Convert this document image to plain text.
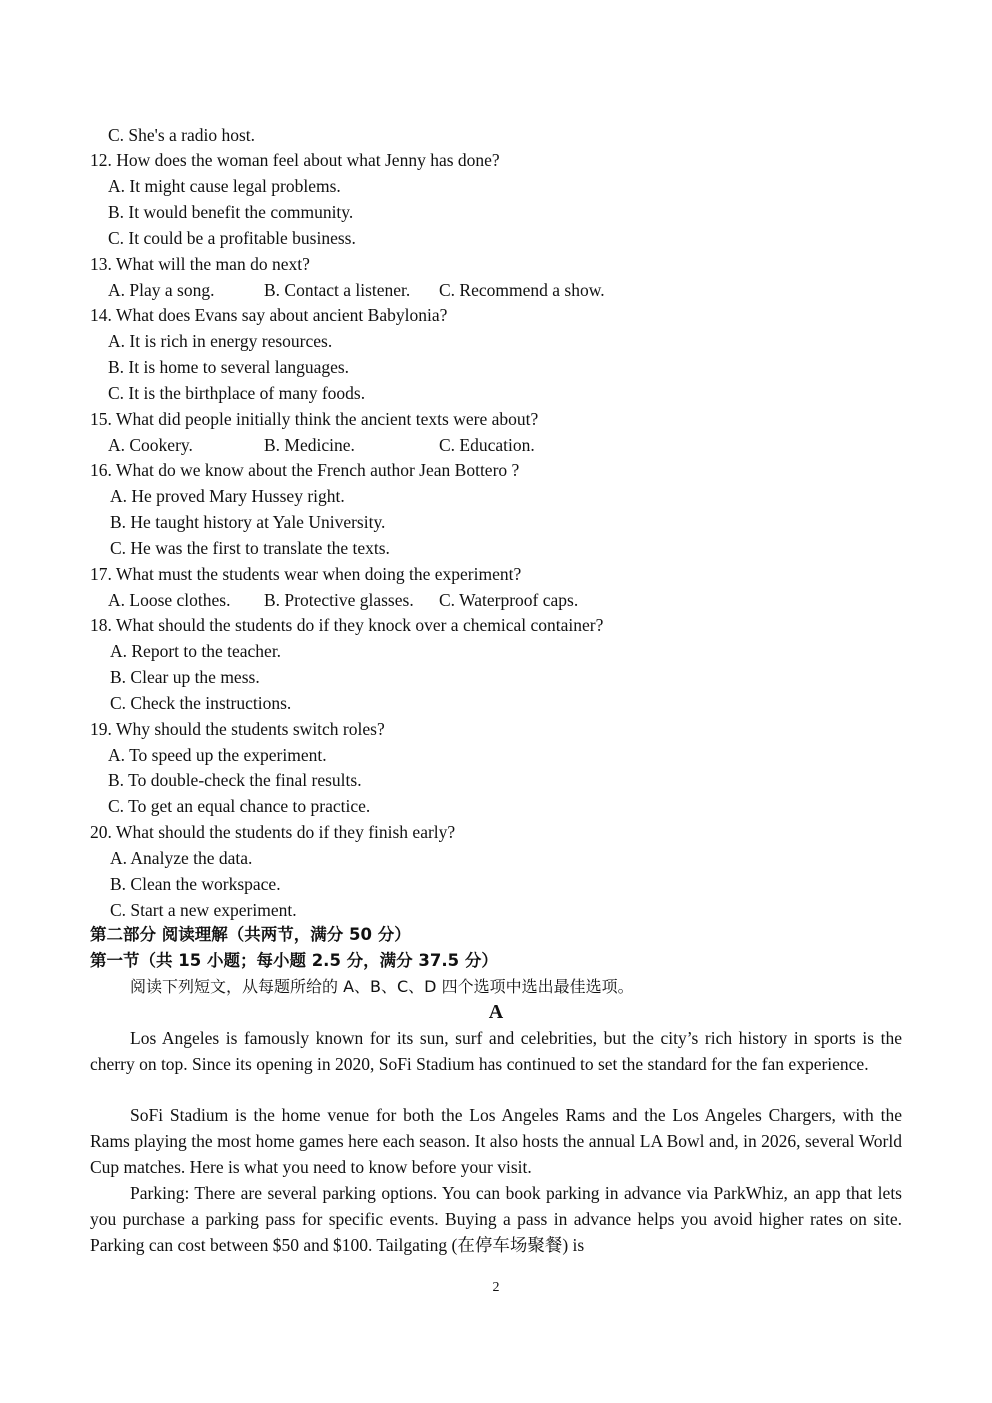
C. She's a radio host.
12. How does the woman feel about what Jenny has done?
A. It might cause legal problems.
B. It would benefit the community.
C. It could be a profitable business.
13. What will the man do next?
A. Play a song.	B. Contact a listener. C. Recommend a show.
14. What does Evans say about ancient Babylonia?
A. It is rich in energy resources.
B. It is home to several languages.
C. It is the birthplace of many foods.
15. What did people initially think the ancient texts were about?
A. Cookery.	B. Medicine.	C. Education.
16. What do we know about the French author Jean Bottero ?
A. He proved Mary Hussey right.
B. He taught history at Yale University.
C. He was the first to translate the texts.
17. What must the students wear when doing the experiment?
A. Loose clothes. B. Protective glasses. C. Waterproof caps.
18. What should the students do if they knock over a chemical container?
A. Report to the teacher.
B. Clear up the mess.
C. Check the instructions.
19. Why should the students switch roles?
A. To speed up the experiment.
B. To double-check the final results.
C. To get an equal chance to practice.
20. What should the students do if they finish early?
A. Analyze the data.
B. Clean the workspace.
C. Start a new experiment.
第二部分 阅读理解（共两节，满分 50 分）
第一节（共 15 小题；每小题 2.5 分，满分 37.5 分）
阅读下列短文，从每题所给的 A、B、C、D 四个选项中选出最佳选项。
A
Los Angeles is famously known for its sun, surf and celebrities, but the city’s rich history in sports is the cherry on top. Since its opening in 2020, SoFi Stadium has continued to set the standard for the fan experience.
SoFi Stadium is the home venue for both the Los Angeles Rams and the Los Angeles Chargers, with the Rams playing the most home games here each season. It also hosts the annual LA Bowl and, in 2026, several World Cup matches. Here is what you need to know before your visit.
Parking: There are several parking options. You can book parking in advance via ParkWhiz, an app that lets you purchase a parking pass for specific events. Buying a pass in advance helps you avoid higher rates on site. Parking can cost between $50 and $100. Tailgating (在停车场聚餐) is
2
